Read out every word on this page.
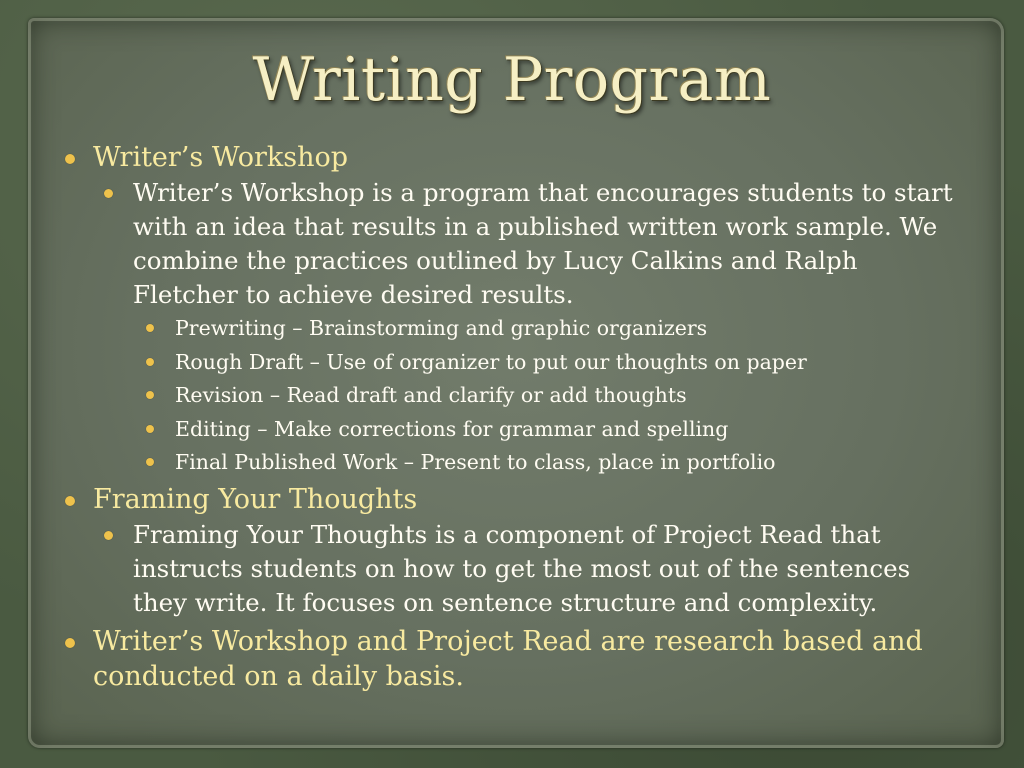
Writing Program
Writer’s Workshop
Writer’s Workshop is a program that encourages students to start with an idea that results in a published written work sample. We combine the practices outlined by Lucy Calkins and Ralph Fletcher to achieve desired results.
Prewriting – Brainstorming and graphic organizers
Rough Draft – Use of organizer to put our thoughts on paper
Revision – Read draft and clarify or add thoughts
Editing – Make corrections for grammar and spelling
Final Published Work – Present to class, place in portfolio
Framing Your Thoughts
Framing Your Thoughts is a component of Project Read that instructs students on how to get the most out of the sentences they write. It focuses on sentence structure and complexity.
Writer’s Workshop and Project Read are research based and conducted on a daily basis.
